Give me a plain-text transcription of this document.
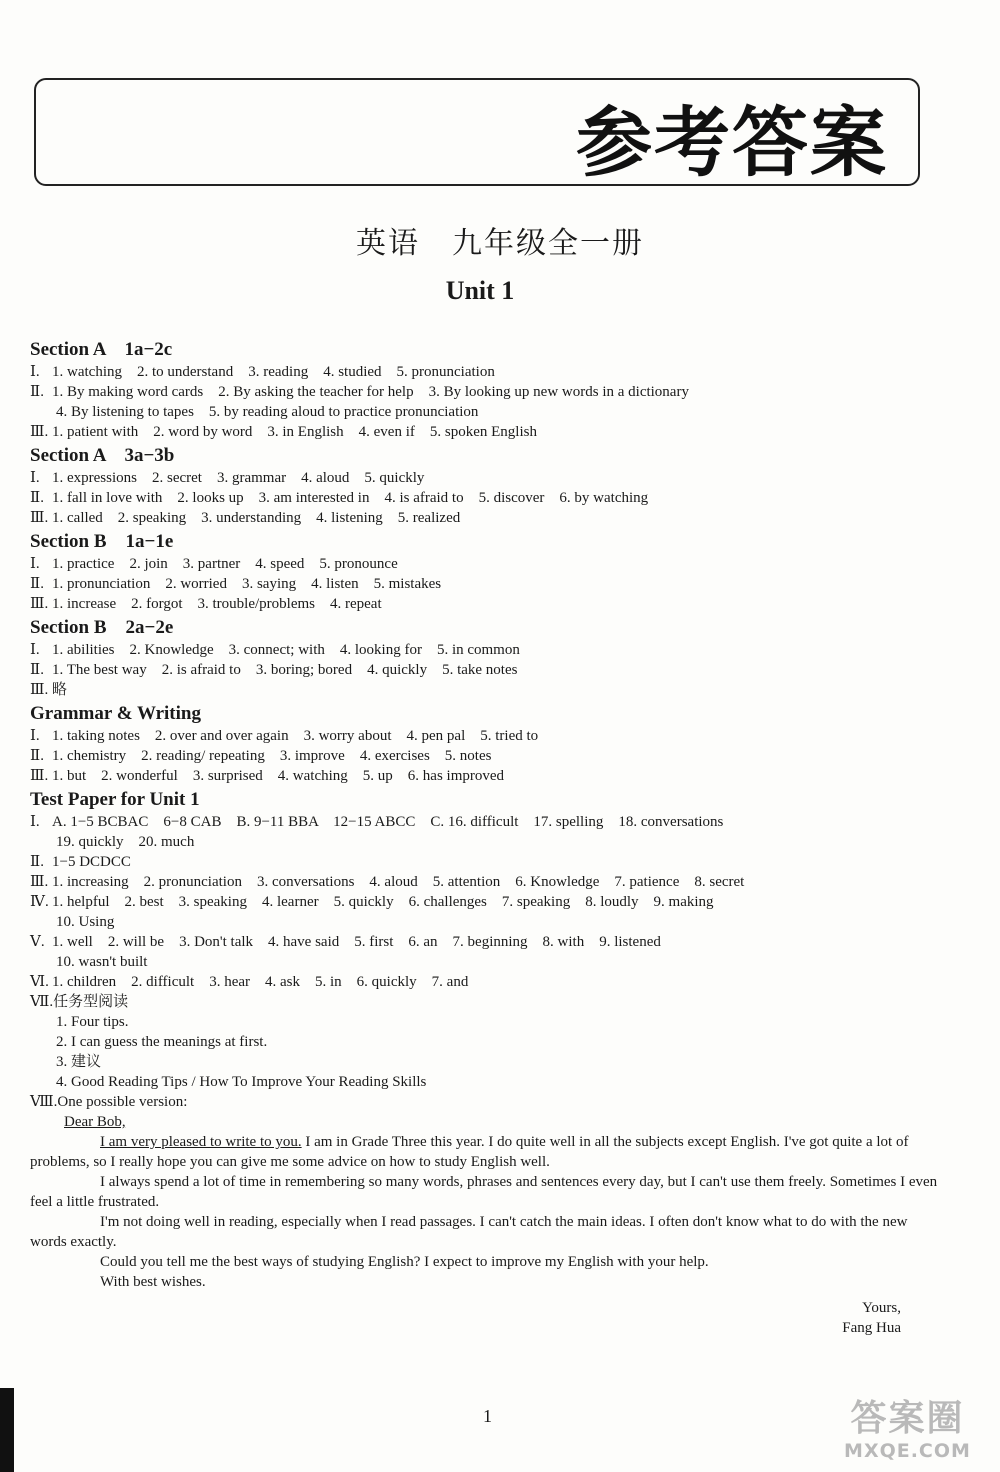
参考答案
英语　九年级全一册
Unit 1
Section A　1a−2c
Ⅰ. 1. watching　2. to understand　3. reading　4. studied　5. pronunciation
Ⅱ. 1. By making word cards　2. By asking the teacher for help　3. By looking up new words in a dictionary
4. By listening to tapes　5. by reading aloud to practice pronunciation
Ⅲ. 1. patient with　2. word by word　3. in English　4. even if　5. spoken English
Section A　3a−3b
Ⅰ. 1. expressions　2. secret　3. grammar　4. aloud　5. quickly
Ⅱ. 1. fall in love with　2. looks up　3. am interested in　4. is afraid to　5. discover　6. by watching
Ⅲ. 1. called　2. speaking　3. understanding　4. listening　5. realized
Section B　1a−1e
Ⅰ. 1. practice　2. join　3. partner　4. speed　5. pronounce
Ⅱ. 1. pronunciation　2. worried　3. saying　4. listen　5. mistakes
Ⅲ. 1. increase　2. forgot　3. trouble/problems　4. repeat
Section B　2a−2e
Ⅰ. 1. abilities　2. Knowledge　3. connect; with　4. looking for　5. in common
Ⅱ. 1. The best way　2. is afraid to　3. boring; bored　4. quickly　5. take notes
Ⅲ. 略
Grammar & Writing
Ⅰ. 1. taking notes　2. over and over again　3. worry about　4. pen pal　5. tried to
Ⅱ. 1. chemistry　2. reading/ repeating　3. improve　4. exercises　5. notes
Ⅲ. 1. but　2. wonderful　3. surprised　4. watching　5. up　6. has improved
Test Paper for Unit 1
Ⅰ. A. 1−5 BCBAC　6−8 CAB　B. 9−11 BBA　12−15 ABCC　C. 16. difficult　17. spelling　18. conversations
19. quickly　20. much
Ⅱ. 1−5 DCDCC
Ⅲ. 1. increasing　2. pronunciation　3. conversations　4. aloud　5. attention　6. Knowledge　7. patience　8. secret
Ⅳ. 1. helpful　2. best　3. speaking　4. learner　5. quickly　6. challenges　7. speaking　8. loudly　9. making
10. Using
Ⅴ. 1. well　2. will be　3. Don't talk　4. have said　5. first　6. an　7. beginning　8. with　9. listened
10. wasn't built
Ⅵ. 1. children　2. difficult　3. hear　4. ask　5. in　6. quickly　7. and
Ⅶ.任务型阅读
1. Four tips.
2. I can guess the meanings at first.
3. 建议
4. Good Reading Tips / How To Improve Your Reading Skills
Ⅷ.One possible version:

Dear Bob,

I am very pleased to write to you. I am in Grade Three this year. I do quite well in all the subjects except English. I've got quite a lot of problems, so I really hope you can give me some advice on how to study English well.

I always spend a lot of time in remembering so many words, phrases and sentences every day, but I can't use them freely. Sometimes I even feel a little frustrated.

I'm not doing well in reading, especially when I read passages. I can't catch the main ideas. I often don't know what to do with the new words exactly.

Could you tell me the best ways of studying English? I expect to improve my English with your help.

With best wishes.

Yours,

Fang Hua

1	答案圈
MXQE.COM
